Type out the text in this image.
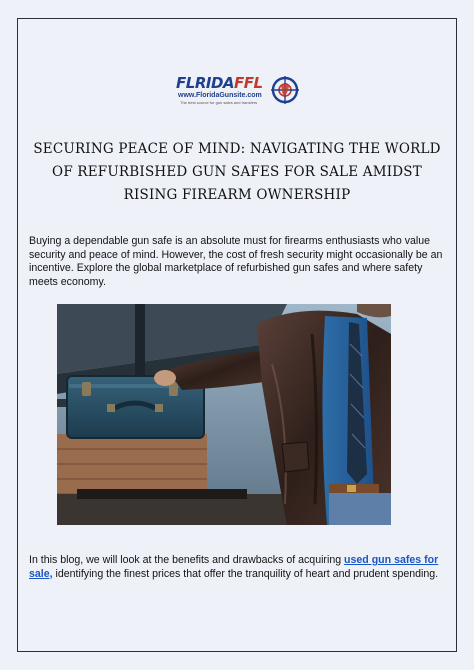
FLRIDAFFL
www.FloridaGunsite.com
The best source for gun sales and transfers
SECURING PEACE OF MIND: NAVIGATING THE WORLD OF REFURBISHED GUN SAFES FOR SALE AMIDST RISING FIREARM OWNERSHIP

Buying a dependable gun safe is an absolute must for firearms enthusiasts who value security and peace of mind. However, the cost of fresh security might occasionally be an incentive. Explore the global marketplace of refurbished gun safes and where safety meets economy.

In this blog, we will look at the benefits and drawbacks of acquiring used gun safes for sale, identifying the finest prices that offer the tranquility of heart and prudent spending.
